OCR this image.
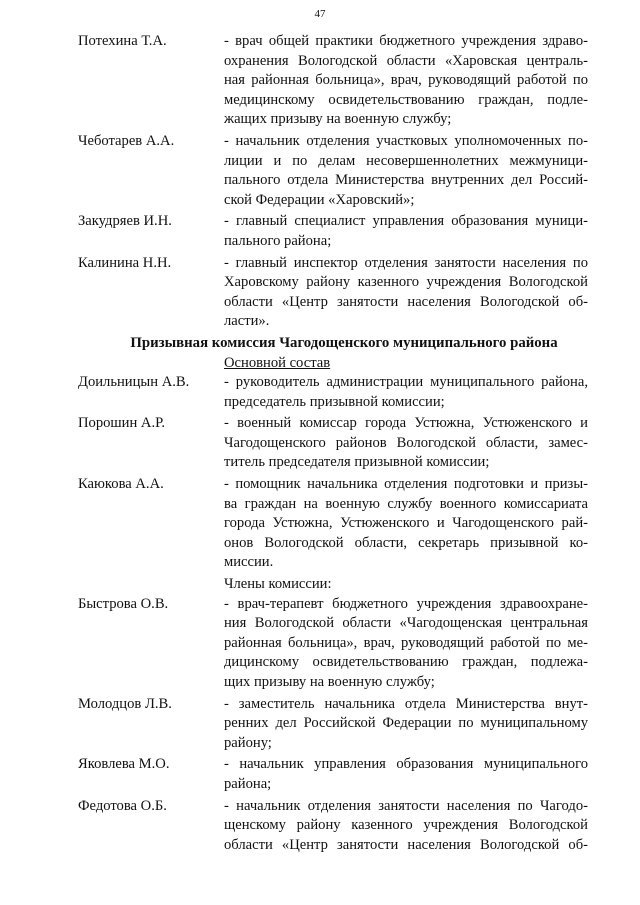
47
Потехина Т.А.	- врач общей практики бюджетного учреждения здраво-
охранения Вологодской области «Харовская централь-
ная районная больница», врач, руководящий работой по
медицинскому освидетельствованию граждан, подле-
жащих призыву на военную службу;
Чеботарев А.А.	- начальник отделения участковых уполномоченных по-
лиции и по делам несовершеннолетних межмуници-
пального отдела Министерства внутренних дел Россий-
ской Федерации «Харовский»;
Закудряев И.Н.	- главный специалист управления образования муници-
пального района;
Калинина Н.Н.	- главный инспектор отделения занятости населения по
Харовскому району казенного учреждения Вологодской
области «Центр занятости населения Вологодской об-
ласти».
Призывная комиссия Чагодощенского муниципального района
Основной состав
Доильницын А.В.	- руководитель администрации муниципального района,
председатель призывной комиссии;
Порошин А.Р.	- военный комиссар города Устюжна, Устюженского и
Чагодощенского районов Вологодской области, замес-
титель председателя призывной комиссии;
Каюкова А.А.	- помощник начальника отделения подготовки и призы-
ва граждан на военную службу военного комиссариата
города Устюжна, Устюженского и Чагодощенского рай-
онов Вологодской области, секретарь призывной ко-
миссии.
Члены комиссии:
Быстрова О.В.	- врач-терапевт бюджетного учреждения здравоохране-
ния Вологодской области «Чагодощенская центральная
районная больница», врач, руководящий работой по ме-
дицинскому освидетельствованию граждан, подлежа-
щих призыву на военную службу;
Молодцов Л.В.	- заместитель начальника отдела Министерства внут-
ренних дел Российской Федерации по муниципальному
району;
Яковлева М.О.	- начальник управления образования муниципального
района;
Федотова О.Б.	- начальник отделения занятости населения по Чагодо-
щенскому району казенного учреждения Вологодской
области «Центр занятости населения Вологодской об-
